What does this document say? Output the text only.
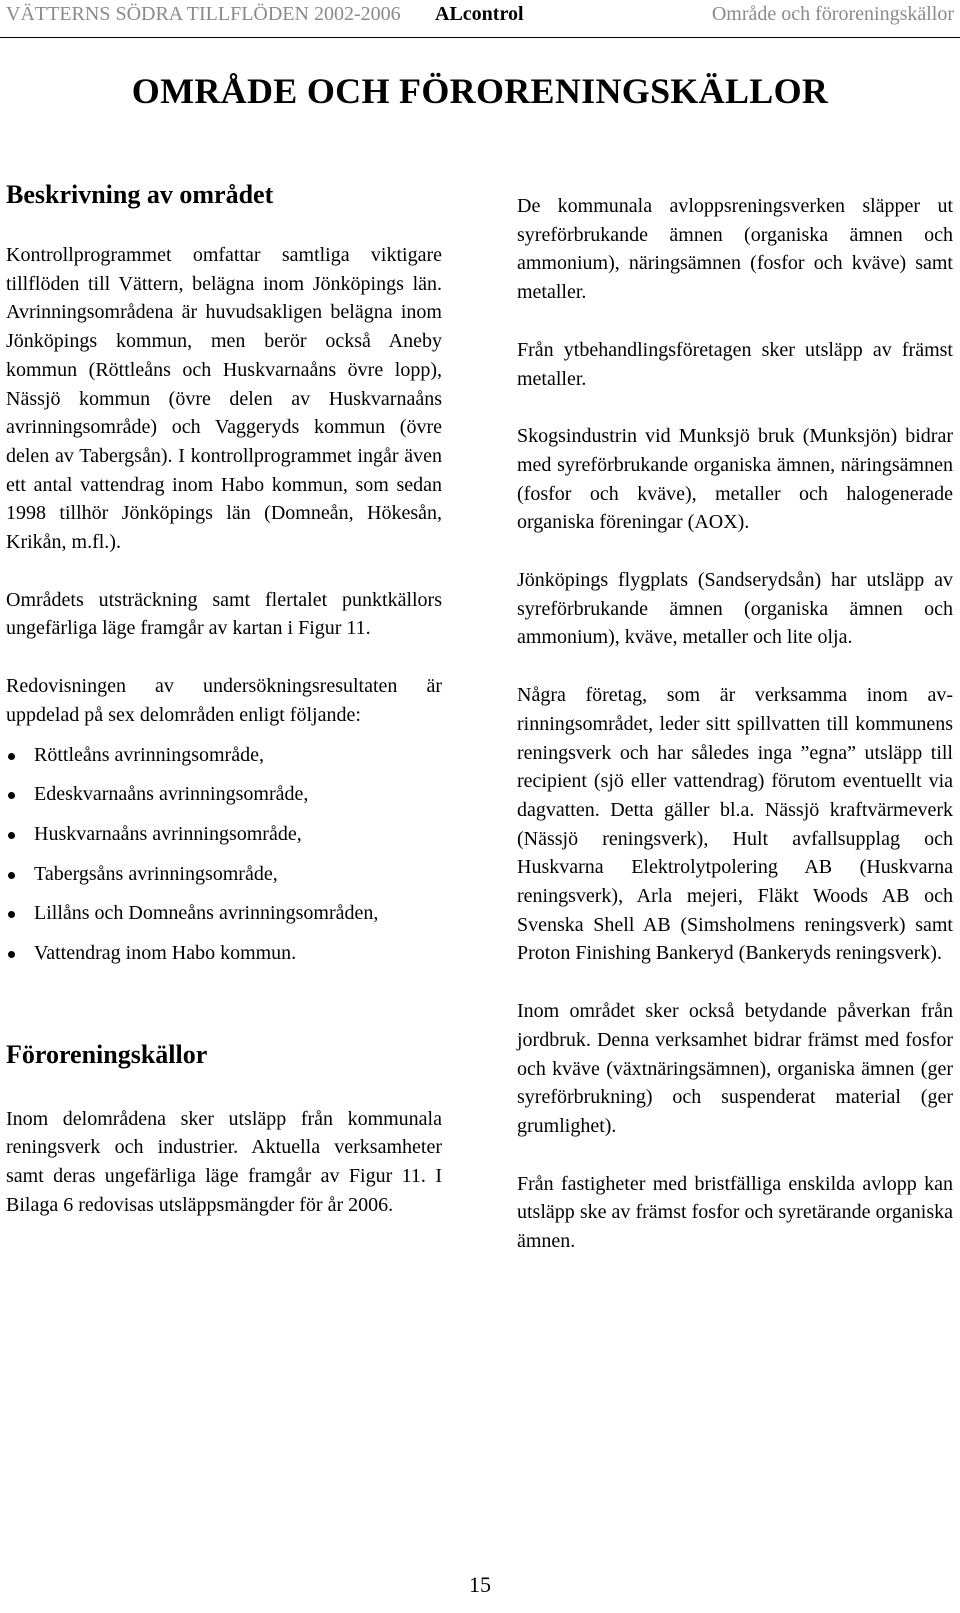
VÄTTERNS SÖDRA TILLFLÖDEN 2002-2006 ALcontrol	Område och föroreningskällor
OMRÅDE OCH FÖRORENINGSKÄLLOR
Beskrivning av området

Kontrollprogrammet omfattar samtliga viktigare tillflöden till Vättern, belägna inom Jönköpings län. Avrinningsområdena är huvudsakligen belägna inom Jönköpings kommun, men berör också Aneby kommun (Röttleåns och Huskvarnaåns övre lopp), Nässjö kommun (övre delen av Huskvarnaåns avrinningsområde) och Vaggeryds kommun (övre delen av Tabergsån). I kontrollprogrammet ingår även ett antal vattendrag inom Habo kommun, som sedan 1998 tillhör Jönköpings län (Domneån, Hökesån, Krikån, m.fl.).

Områdets utsträckning samt flertalet punktkällors ungefärliga läge framgår av kartan i Figur 11.

Redovisningen av undersökningsresultaten är uppdelad på sex delområden enligt följande:

Röttleåns avrinningsområde,
Edeskvarnaåns avrinningsområde,
Huskvarnaåns avrinningsområde,
Tabergsåns avrinningsområde,
Lillåns och Domneåns avrinningsområden,
Vattendrag inom Habo kommun.
Föroreningskällor

Inom delområdena sker utsläpp från kommunala reningsverk och industrier. Aktuella verksamheter samt deras ungefärliga läge framgår av Figur 11. I Bilaga 6 redovisas utsläppsmängder för år 2006.

De kommunala avloppsreningsverken släpper ut syreförbrukande ämnen (organiska ämnen och ammonium), näringsämnen (fosfor och kväve) samt metaller.

Från ytbehandlingsföretagen sker utsläpp av främst metaller.

Skogsindustrin vid Munksjö bruk (Munksjön) bidrar med syreförbrukande organiska ämnen, näringsämnen (fosfor och kväve), metaller och halogenerade organiska föreningar (AOX).

Jönköpings flygplats (Sandserydsån) har utsläpp av syreförbrukande ämnen (organiska ämnen och ammonium), kväve, metaller och lite olja.

Några företag, som är verksamma inom avrinningsområdet, leder sitt spillvatten till kommunens reningsverk och har således inga ”egna” utsläpp till recipient (sjö eller vattendrag) förutom eventuellt via dagvatten. Detta gäller bl.a. Nässjö kraftvärmeverk (Nässjö reningsverk), Hult avfallsupplag och Huskvarna Elektrolytpolering AB (Huskvarna reningsverk), Arla mejeri, Fläkt Woods AB och Svenska Shell AB (Simsholmens reningsverk) samt Proton Finishing Bankeryd (Bankeryds reningsverk).

Inom området sker också betydande påverkan från jordbruk. Denna verksamhet bidrar främst med fosfor och kväve (växtnäringsämnen), organiska ämnen (ger syreförbrukning) och suspenderat material (ger grumlighet).

Från fastigheter med bristfälliga enskilda avlopp kan utsläpp ske av främst fosfor och syretärande organiska ämnen.

15
